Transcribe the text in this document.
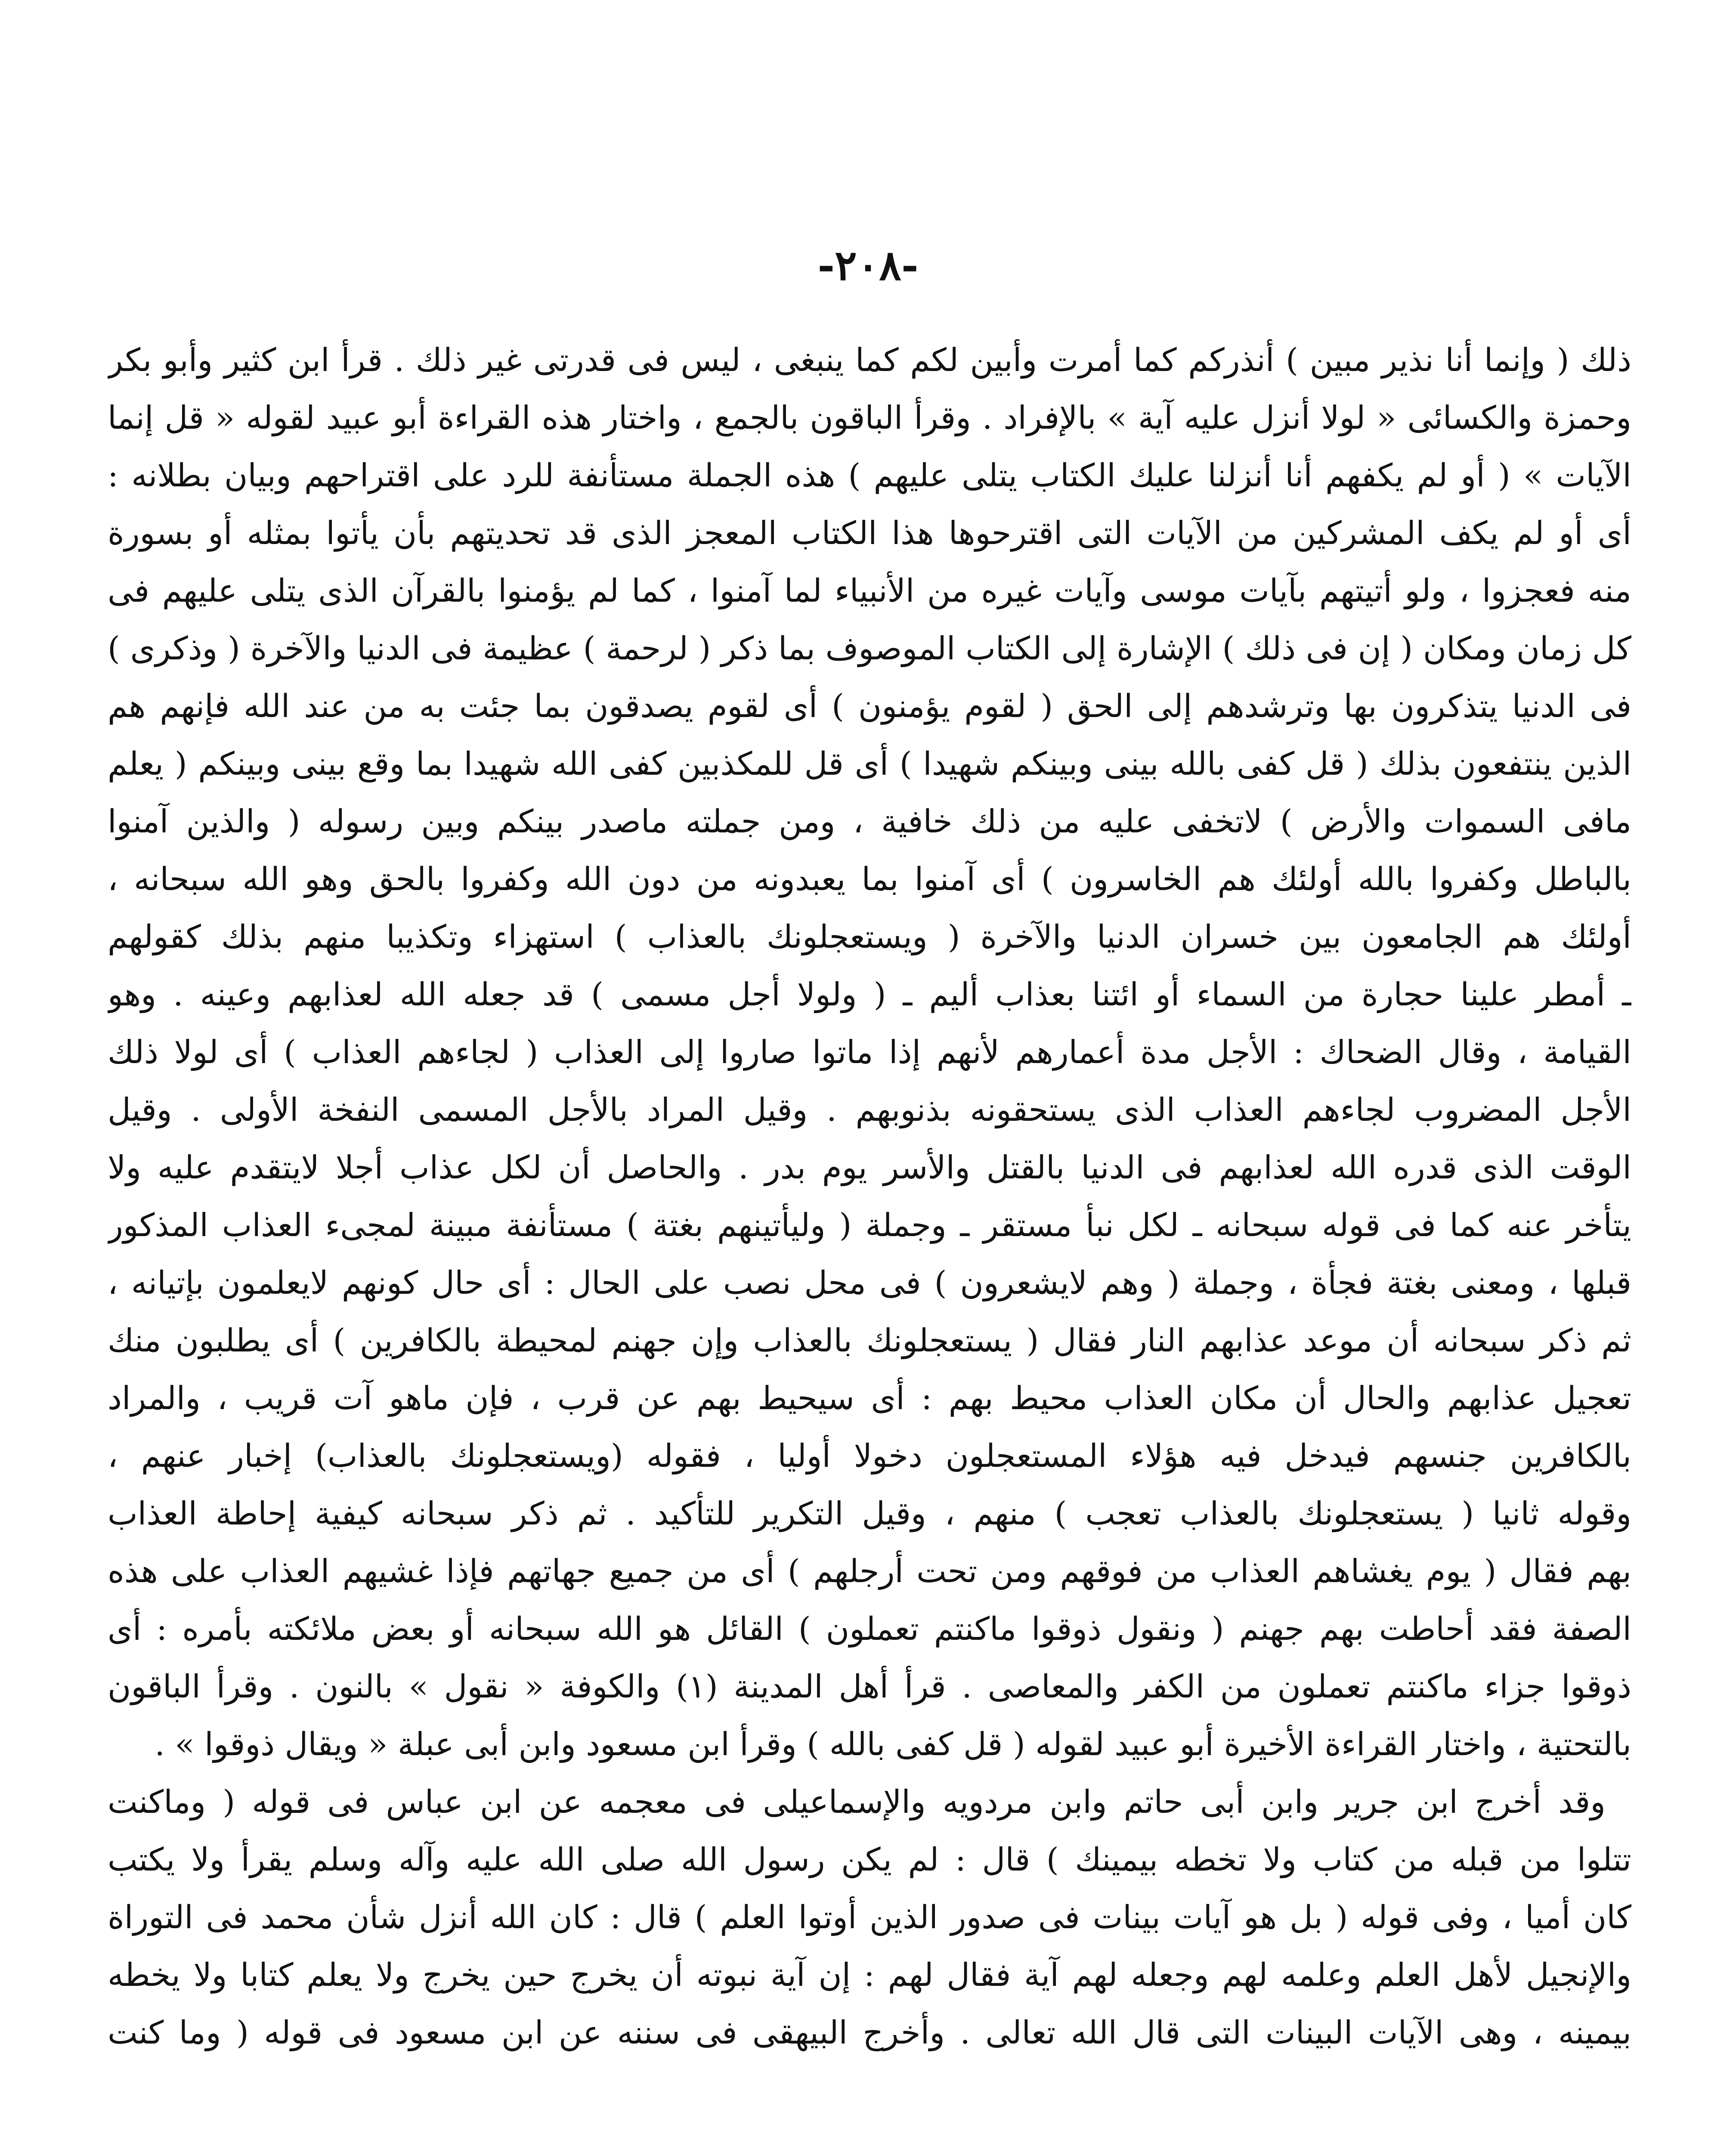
-٢٠٨-
ذلك ( وإنما أنا نذير مبين ) أنذركم كما أمرت وأبين لكم كما ينبغى ، ليس فى قدرتى غير ذلك . قرأ ابن كثير وأبو بكر
وحمزة والكسائى « لولا أنزل عليه آية » بالإفراد . وقرأ الباقون بالجمع ، واختار هذه القراءة أبو عبيد لقوله « قل إنما
الآيات » ( أو لم يكفهم أنا أنزلنا عليك الكتاب يتلى عليهم ) هذه الجملة مستأنفة للرد على اقتراحهم وبيان بطلانه :
أى أو لم يكف المشركين من الآيات التى اقترحوها هذا الكتاب المعجز الذى قد تحديتهم بأن يأتوا بمثله أو بسورة
منه فعجزوا ، ولو أتيتهم بآيات موسى وآيات غيره من الأنبياء لما آمنوا ، كما لم يؤمنوا بالقرآن الذى يتلى عليهم فى
كل زمان ومكان ( إن فى ذلك ) الإشارة إلى الكتاب الموصوف بما ذكر ( لرحمة ) عظيمة فى الدنيا والآخرة ( وذكرى )
فى الدنيا يتذكرون بها وترشدهم إلى الحق ( لقوم يؤمنون ) أى لقوم يصدقون بما جئت به من عند الله فإنهم هم
الذين ينتفعون بذلك ( قل كفى بالله بينى وبينكم شهيدا ) أى قل للمكذبين كفى الله شهيدا بما وقع بينى وبينكم ( يعلم
مافى السموات والأرض ) لاتخفى عليه من ذلك خافية ، ومن جملته ماصدر بينكم وبين رسوله ( والذين آمنوا
بالباطل وكفروا بالله أولئك هم الخاسرون ) أى آمنوا بما يعبدونه من دون الله وكفروا بالحق وهو الله سبحانه ،
أولئك هم الجامعون بين خسران الدنيا والآخرة ( ويستعجلونك بالعذاب ) استهزاء وتكذيبا منهم بذلك كقولهم
ـ أمطر علينا حجارة من السماء أو ائتنا بعذاب أليم ـ ( ولولا أجل مسمى ) قد جعله الله لعذابهم وعينه . وهو
القيامة ، وقال الضحاك : الأجل مدة أعمارهم لأنهم إذا ماتوا صاروا إلى العذاب ( لجاءهم العذاب ) أى لولا ذلك
الأجل المضروب لجاءهم العذاب الذى يستحقونه بذنوبهم . وقيل المراد بالأجل المسمى النفخة الأولى . وقيل
الوقت الذى قدره الله لعذابهم فى الدنيا بالقتل والأسر يوم بدر . والحاصل أن لكل عذاب أجلا لايتقدم عليه ولا
يتأخر عنه كما فى قوله سبحانه ـ لكل نبأ مستقر ـ وجملة ( وليأتينهم بغتة ) مستأنفة مبينة لمجىء العذاب المذكور
قبلها ، ومعنى بغتة فجأة ، وجملة ( وهم لايشعرون ) فى محل نصب على الحال : أى حال كونهم لايعلمون بإتيانه ،
ثم ذكر سبحانه أن موعد عذابهم النار فقال ( يستعجلونك بالعذاب وإن جهنم لمحيطة بالكافرين ) أى يطلبون منك
تعجيل عذابهم والحال أن مكان العذاب محيط بهم : أى سيحيط بهم عن قرب ، فإن ماهو آت قريب ، والمراد
بالكافرين جنسهم فيدخل فيه هؤلاء المستعجلون دخولا أوليا ، فقوله (ويستعجلونك بالعذاب) إخبار عنهم ،
وقوله ثانيا ( يستعجلونك بالعذاب تعجب ) منهم ، وقيل التكرير للتأكيد . ثم ذكر سبحانه كيفية إحاطة العذاب
بهم فقال ( يوم يغشاهم العذاب من فوقهم ومن تحت أرجلهم ) أى من جميع جهاتهم فإذا غشيهم العذاب على هذه
الصفة فقد أحاطت بهم جهنم ( ونقول ذوقوا ماكنتم تعملون ) القائل هو الله سبحانه أو بعض ملائكته بأمره : أى
ذوقوا جزاء ماكنتم تعملون من الكفر والمعاصى . قرأ أهل المدينة (١) والكوفة « نقول » بالنون . وقرأ الباقون
بالتحتية ، واختار القراءة الأخيرة أبو عبيد لقوله ( قل كفى بالله ) وقرأ ابن مسعود وابن أبى عبلة « ويقال ذوقوا » .
وقد أخرج ابن جرير وابن أبى حاتم وابن مردويه والإسماعيلى فى معجمه عن ابن عباس فى قوله ( وماكنت
تتلوا من قبله من كتاب ولا تخطه بيمينك ) قال : لم يكن رسول الله صلى الله عليه وآله وسلم يقرأ ولا يكتب
كان أميا ، وفى قوله ( بل هو آيات بينات فى صدور الذين أوتوا العلم ) قال : كان الله أنزل شأن محمد فى التوراة
والإنجيل لأهل العلم وعلمه لهم وجعله لهم آية فقال لهم : إن آية نبوته أن يخرج حين يخرج ولا يعلم كتابا ولا يخطه
بيمينه ، وهى الآيات البينات التى قال الله تعالى . وأخرج البيهقى فى سننه عن ابن مسعود فى قوله ( وما كنت
